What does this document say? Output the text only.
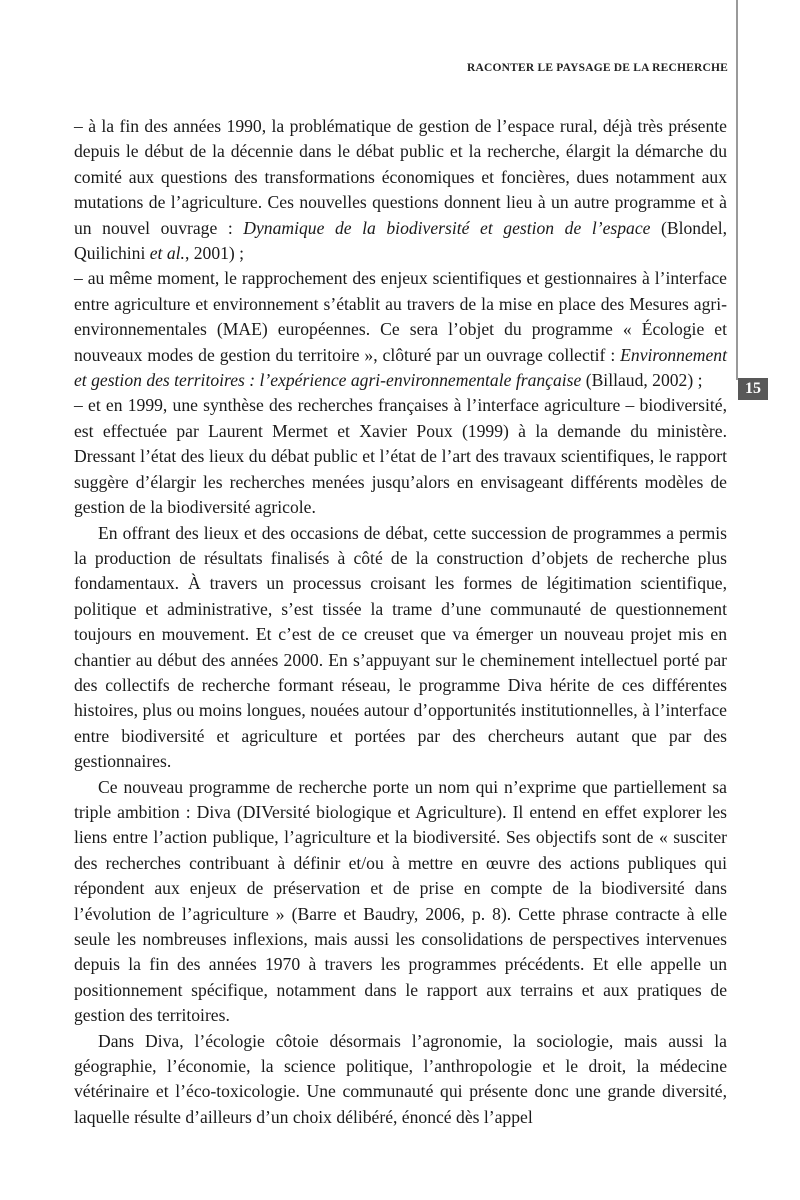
RACONTER LE PAYSAGE DE LA RECHERCHE
15

– à la fin des années 1990, la problématique de gestion de l’espace rural, déjà très présente depuis le début de la décennie dans le débat public et la recherche, élargit la démarche du comité aux questions des transformations économiques et foncières, dues notamment aux mutations de l’agriculture. Ces nouvelles questions donnent lieu à un autre programme et à un nouvel ouvrage : Dynamique de la biodiversité et gestion de l’espace (Blondel, Quilichini et al., 2001) ;

– au même moment, le rapprochement des enjeux scientifiques et gestionnaires à l’interface entre agriculture et environnement s’établit au travers de la mise en place des Mesures agri-environnementales (MAE) européennes. Ce sera l’objet du programme « Écologie et nouveaux modes de gestion du territoire », clôturé par un ouvrage collectif : Environnement et gestion des territoires : l’expérience agri-environnementale française (Billaud, 2002) ;

– et en 1999, une synthèse des recherches françaises à l’interface agriculture – biodiversité, est effectuée par Laurent Mermet et Xavier Poux (1999) à la demande du ministère. Dressant l’état des lieux du débat public et l’état de l’art des travaux scientifiques, le rapport suggère d’élargir les recherches menées jusqu’alors en envisageant différents modèles de gestion de la biodiversité agricole.

En offrant des lieux et des occasions de débat, cette succession de programmes a permis la production de résultats finalisés à côté de la construction d’objets de recherche plus fondamentaux. À travers un processus croisant les formes de légitimation scientifique, politique et administrative, s’est tissée la trame d’une communauté de questionnement toujours en mouvement. Et c’est de ce creuset que va émerger un nouveau projet mis en chantier au début des années 2000. En s’appuyant sur le cheminement intellectuel porté par des collectifs de recherche formant réseau, le programme Diva hérite de ces différentes histoires, plus ou moins longues, nouées autour d’opportunités institutionnelles, à l’interface entre biodiversité et agriculture et portées par des chercheurs autant que par des gestionnaires.

Ce nouveau programme de recherche porte un nom qui n’exprime que partiellement sa triple ambition : Diva (DIVersité biologique et Agriculture). Il entend en effet explorer les liens entre l’action publique, l’agriculture et la biodiversité. Ses objectifs sont de « susciter des recherches contribuant à définir et/ou à mettre en œuvre des actions publiques qui répondent aux enjeux de préservation et de prise en compte de la biodiversité dans l’évolution de l’agriculture » (Barre et Baudry, 2006, p. 8). Cette phrase contracte à elle seule les nombreuses inflexions, mais aussi les consolidations de perspectives intervenues depuis la fin des années 1970 à travers les programmes précédents. Et elle appelle un positionnement spécifique, notamment dans le rapport aux terrains et aux pratiques de gestion des territoires.

Dans Diva, l’écologie côtoie désormais l’agronomie, la sociologie, mais aussi la géographie, l’économie, la science politique, l’anthropologie et le droit, la médecine vétérinaire et l’éco-toxicologie. Une communauté qui présente donc une grande diversité, laquelle résulte d’ailleurs d’un choix délibéré, énoncé dès l’appel
